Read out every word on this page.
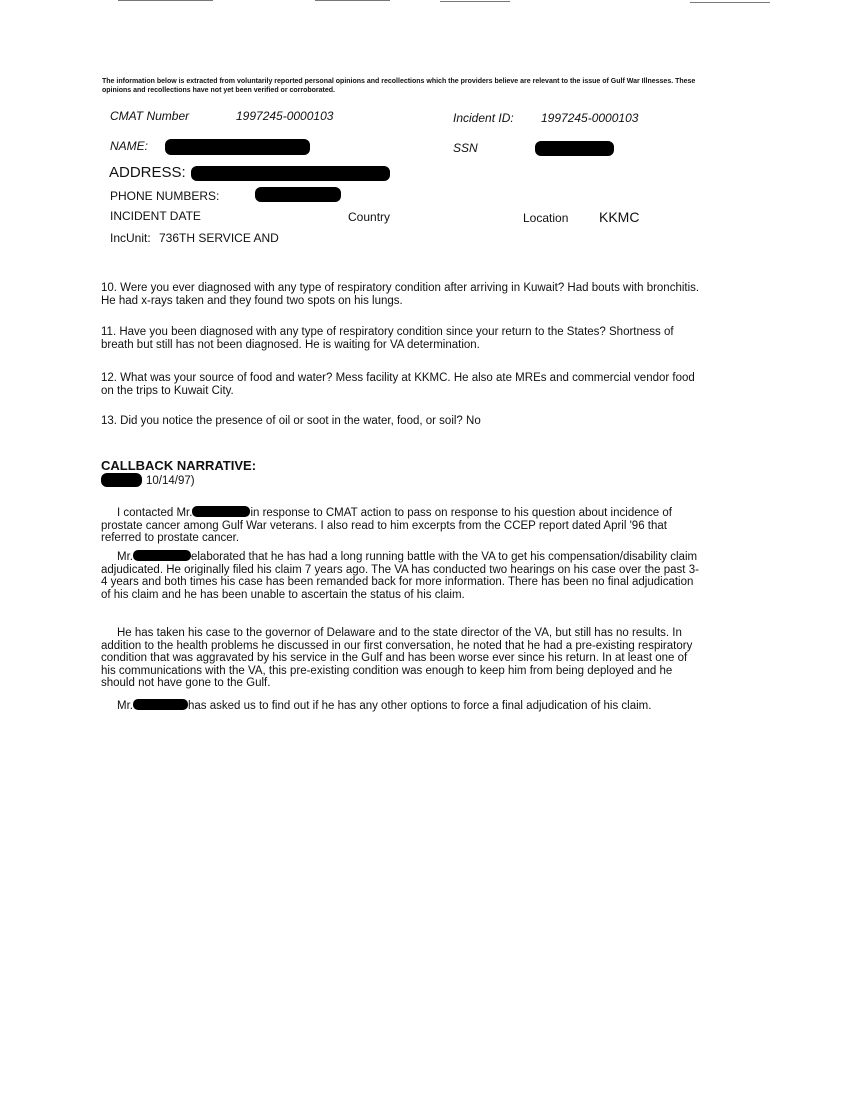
The information below is extracted from voluntarily reported personal opinions and recollections which the providers believe are relevant to the issue of Gulf War Illnesses. These opinions and recollections have not yet been verified or corroborated.
CMAT Number	1997245-0000103	Incident ID: 1997245-0000103
NAME:	SSN
ADDRESS:
PHONE NUMBERS:
INCIDENT DATE	Country	Location KKMC
IncUnit: 736TH SERVICE AND
10. Were you ever diagnosed with any type of respiratory condition after arriving in Kuwait? Had bouts with bronchitis. He had x-rays taken and they found two spots on his lungs.
11. Have you been diagnosed with any type of respiratory condition since your return to the States? Shortness of breath but still has not been diagnosed. He is waiting for VA determination.
12. What was your source of food and water? Mess facility at KKMC. He also ate MREs and commercial vendor food on the trips to Kuwait City.
13. Did you notice the presence of oil or soot in the water, food, or soil? No
CALLBACK NARRATIVE:
10/14/97)
I contacted Mr.	in response to CMAT action to pass on response to his question about incidence of prostate cancer among Gulf War veterans. I also read to him excerpts from the CCEP report dated April '96 that referred to prostate cancer.
Mr.	elaborated that he has had a long running battle with the VA to get his compensation/disability claim adjudicated. He originally filed his claim 7 years ago. The VA has conducted two hearings on his case over the past 3-4 years and both times his case has been remanded back for more information. There has been no final adjudication of his claim and he has been unable to ascertain the status of his claim.
He has taken his case to the governor of Delaware and to the state director of the VA, but still has no results. In addition to the health problems he discussed in our first conversation, he noted that he had a pre-existing respiratory condition that was aggravated by his service in the Gulf and has been worse ever since his return. In at least one of his communications with the VA, this pre-existing condition was enough to keep him from being deployed and he should not have gone to the Gulf.
Mr.	has asked us to find out if he has any other options to force a final adjudication of his claim.
